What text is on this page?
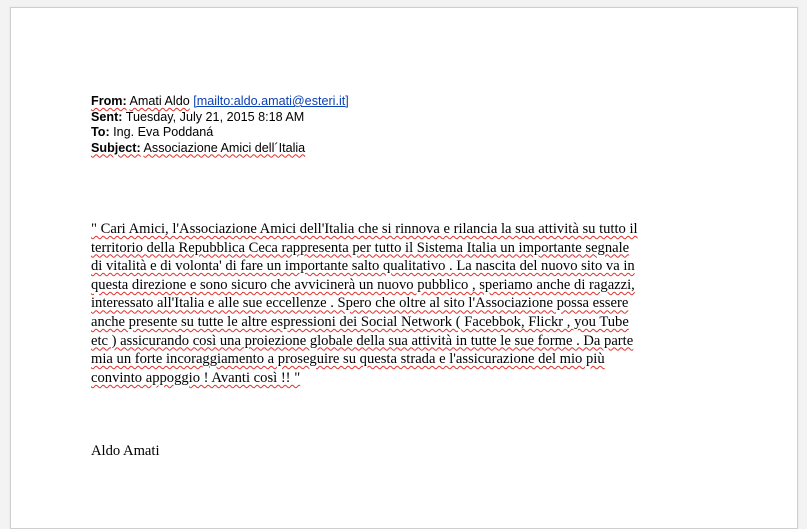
From: Amati Aldo [mailto:aldo.amati@esteri.it]
Sent: Tuesday, July 21, 2015 8:18 AM
To: Ing. Eva Poddaná
Subject: Associazione Amici dell´Italia
" Cari Amici, l'Associazione Amici dell'Italia che si rinnova e rilancia la sua attività su tutto il
territorio della Repubblica Ceca rappresenta per tutto il Sistema Italia un importante segnale
di vitalità e di volonta' di fare un importante salto qualitativo . La nascita del nuovo sito va in
questa direzione e sono sicuro che avvicinerà un nuovo pubblico , speriamo anche di ragazzi,
interessato all'Italia e alle sue eccellenze . Spero che oltre al sito l'Associazione possa essere
anche presente su tutte le altre espressioni dei Social Network ( Facebbok, Flickr , you Tube
etc ) assicurando così una proiezione globale della sua attività in tutte le sue forme . Da parte
mia un forte incoraggiamento a proseguire su questa strada e l'assicurazione del mio più
convinto appoggio ! Avanti così !! "
Aldo Amati
